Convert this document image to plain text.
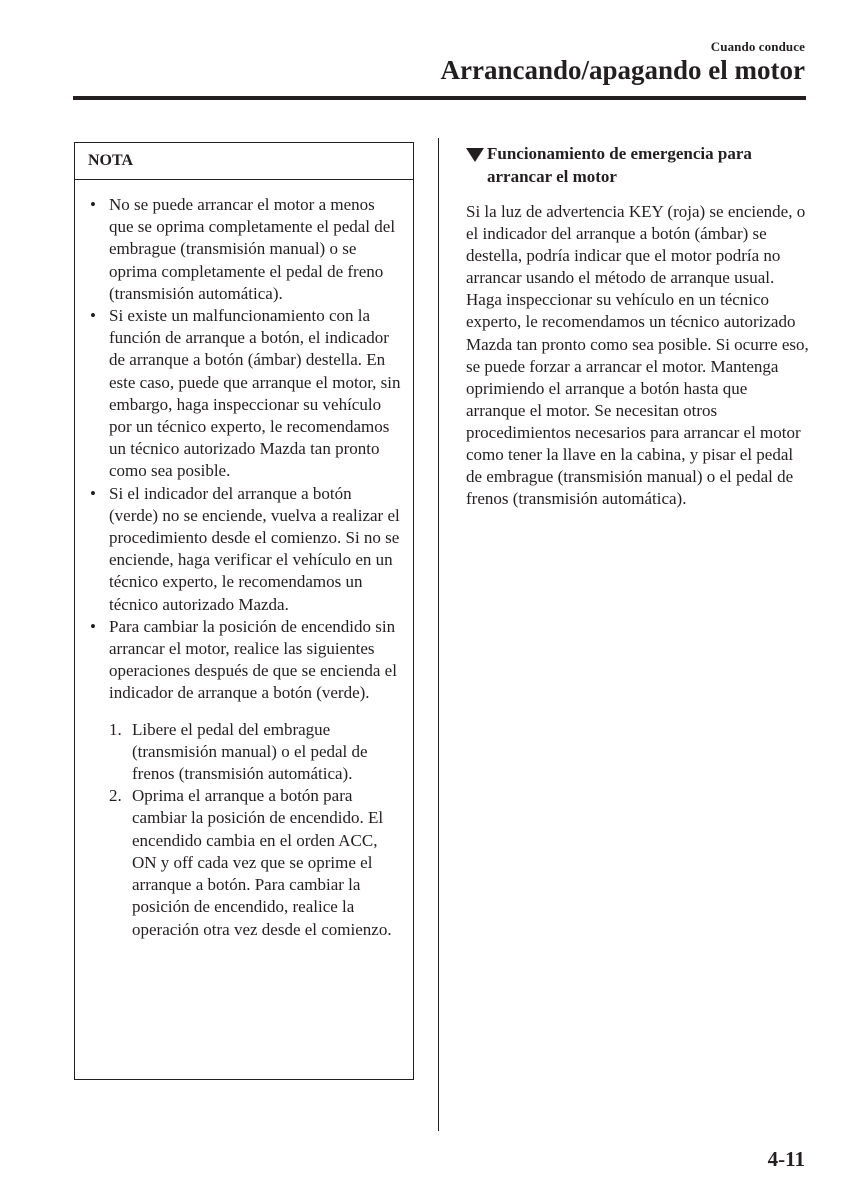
Cuando conduce
Arrancando/apagando el motor
NOTA
• No se puede arrancar el motor a menos que se oprima completamente el pedal del embrague (transmisión manual) o se oprima completamente el pedal de freno (transmisión automática).
• Si existe un malfuncionamiento con la función de arranque a botón, el indicador de arranque a botón (ámbar) destella. En este caso, puede que arranque el motor, sin embargo, haga inspeccionar su vehículo por un técnico experto, le recomendamos un técnico autorizado Mazda tan pronto como sea posible.
• Si el indicador del arranque a botón (verde) no se enciende, vuelva a realizar el procedimiento desde el comienzo. Si no se enciende, haga verificar el vehículo en un técnico experto, le recomendamos un técnico autorizado Mazda.
• Para cambiar la posición de encendido sin arrancar el motor, realice las siguientes operaciones después de que se encienda el indicador de arranque a botón (verde).
1. Libere el pedal del embrague (transmisión manual) o el pedal de frenos (transmisión automática).
2. Oprima el arranque a botón para cambiar la posición de encendido. El encendido cambia en el orden ACC, ON y off cada vez que se oprime el arranque a botón. Para cambiar la posición de encendido, realice la operación otra vez desde el comienzo.
Funcionamiento de emergencia para arrancar el motor

Si la luz de advertencia KEY (roja) se enciende, o el indicador del arranque a botón (ámbar) se destella, podría indicar que el motor podría no arrancar usando el método de arranque usual. Haga inspeccionar su vehículo en un técnico experto, le recomendamos un técnico autorizado Mazda tan pronto como sea posible. Si ocurre eso, se puede forzar a arrancar el motor. Mantenga oprimiendo el arranque a botón hasta que arranque el motor. Se necesitan otros procedimientos necesarios para arrancar el motor como tener la llave en la cabina, y pisar el pedal de embrague (transmisión manual) o el pedal de frenos (transmisión automática).

4-11
